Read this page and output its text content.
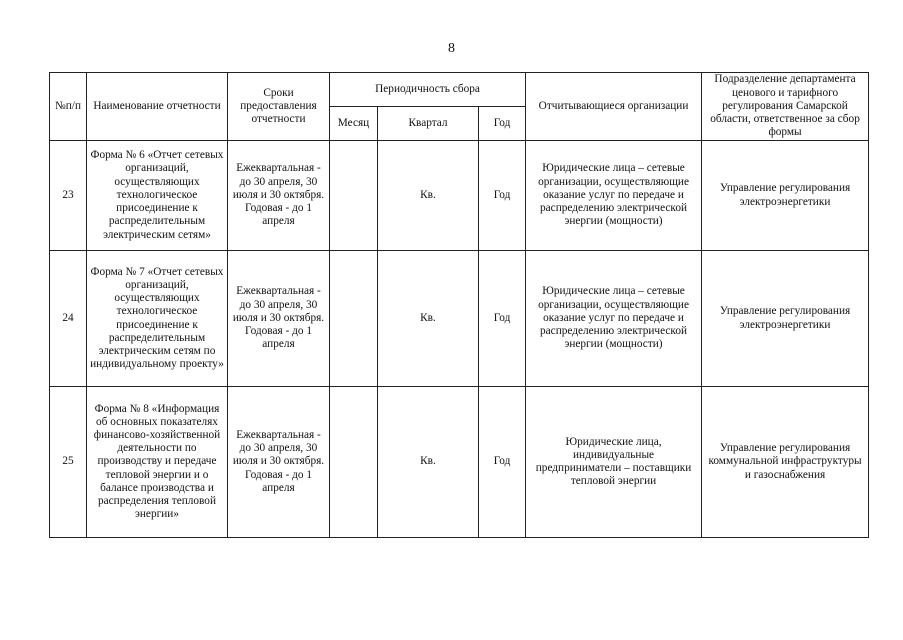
8
№п/п	Наименование отчетности	Сроки предоставления отчетности	Периодичность сбора			Отчитывающиеся организации	Подразделение департамента ценового и тарифного регулирования Самарской области, ответственное за сбор формы
			Месяц	Квартал	Год		
23	Форма № 6 «Отчет сетевых организаций, осуществляющих технологическое присоединение к распределительным электрическим сетям»	Ежеквартальная - до 30 апреля, 30 июля и 30 октября. Годовая - до 1 апреля		Кв.	Год	Юридические лица – сетевые организации, осуществляющие оказание услуг по передаче и распределению электрической энергии (мощности)	Управление регулирования электроэнергетики
24	Форма № 7 «Отчет сетевых организаций, осуществляющих технологическое присоединение к распределительным электрическим сетям по индивидуальному проекту»	Ежеквартальная - до 30 апреля, 30 июля и 30 октября. Годовая - до 1 апреля		Кв.	Год	Юридические лица – сетевые организации, осуществляющие оказание услуг по передаче и распределению электрической энергии (мощности)	Управление регулирования электроэнергетики
25	Форма № 8 «Информация об основных показателях финансово-хозяйственной деятельности по производству и передаче тепловой энергии и о балансе производства и распределения тепловой энергии»	Ежеквартальная - до 30 апреля, 30 июля и 30 октября. Годовая - до 1 апреля		Кв.	Год	Юридические лица, индивидуальные предприниматели – поставщики тепловой энергии	Управление регулирования коммунальной инфраструктуры и газоснабжения
